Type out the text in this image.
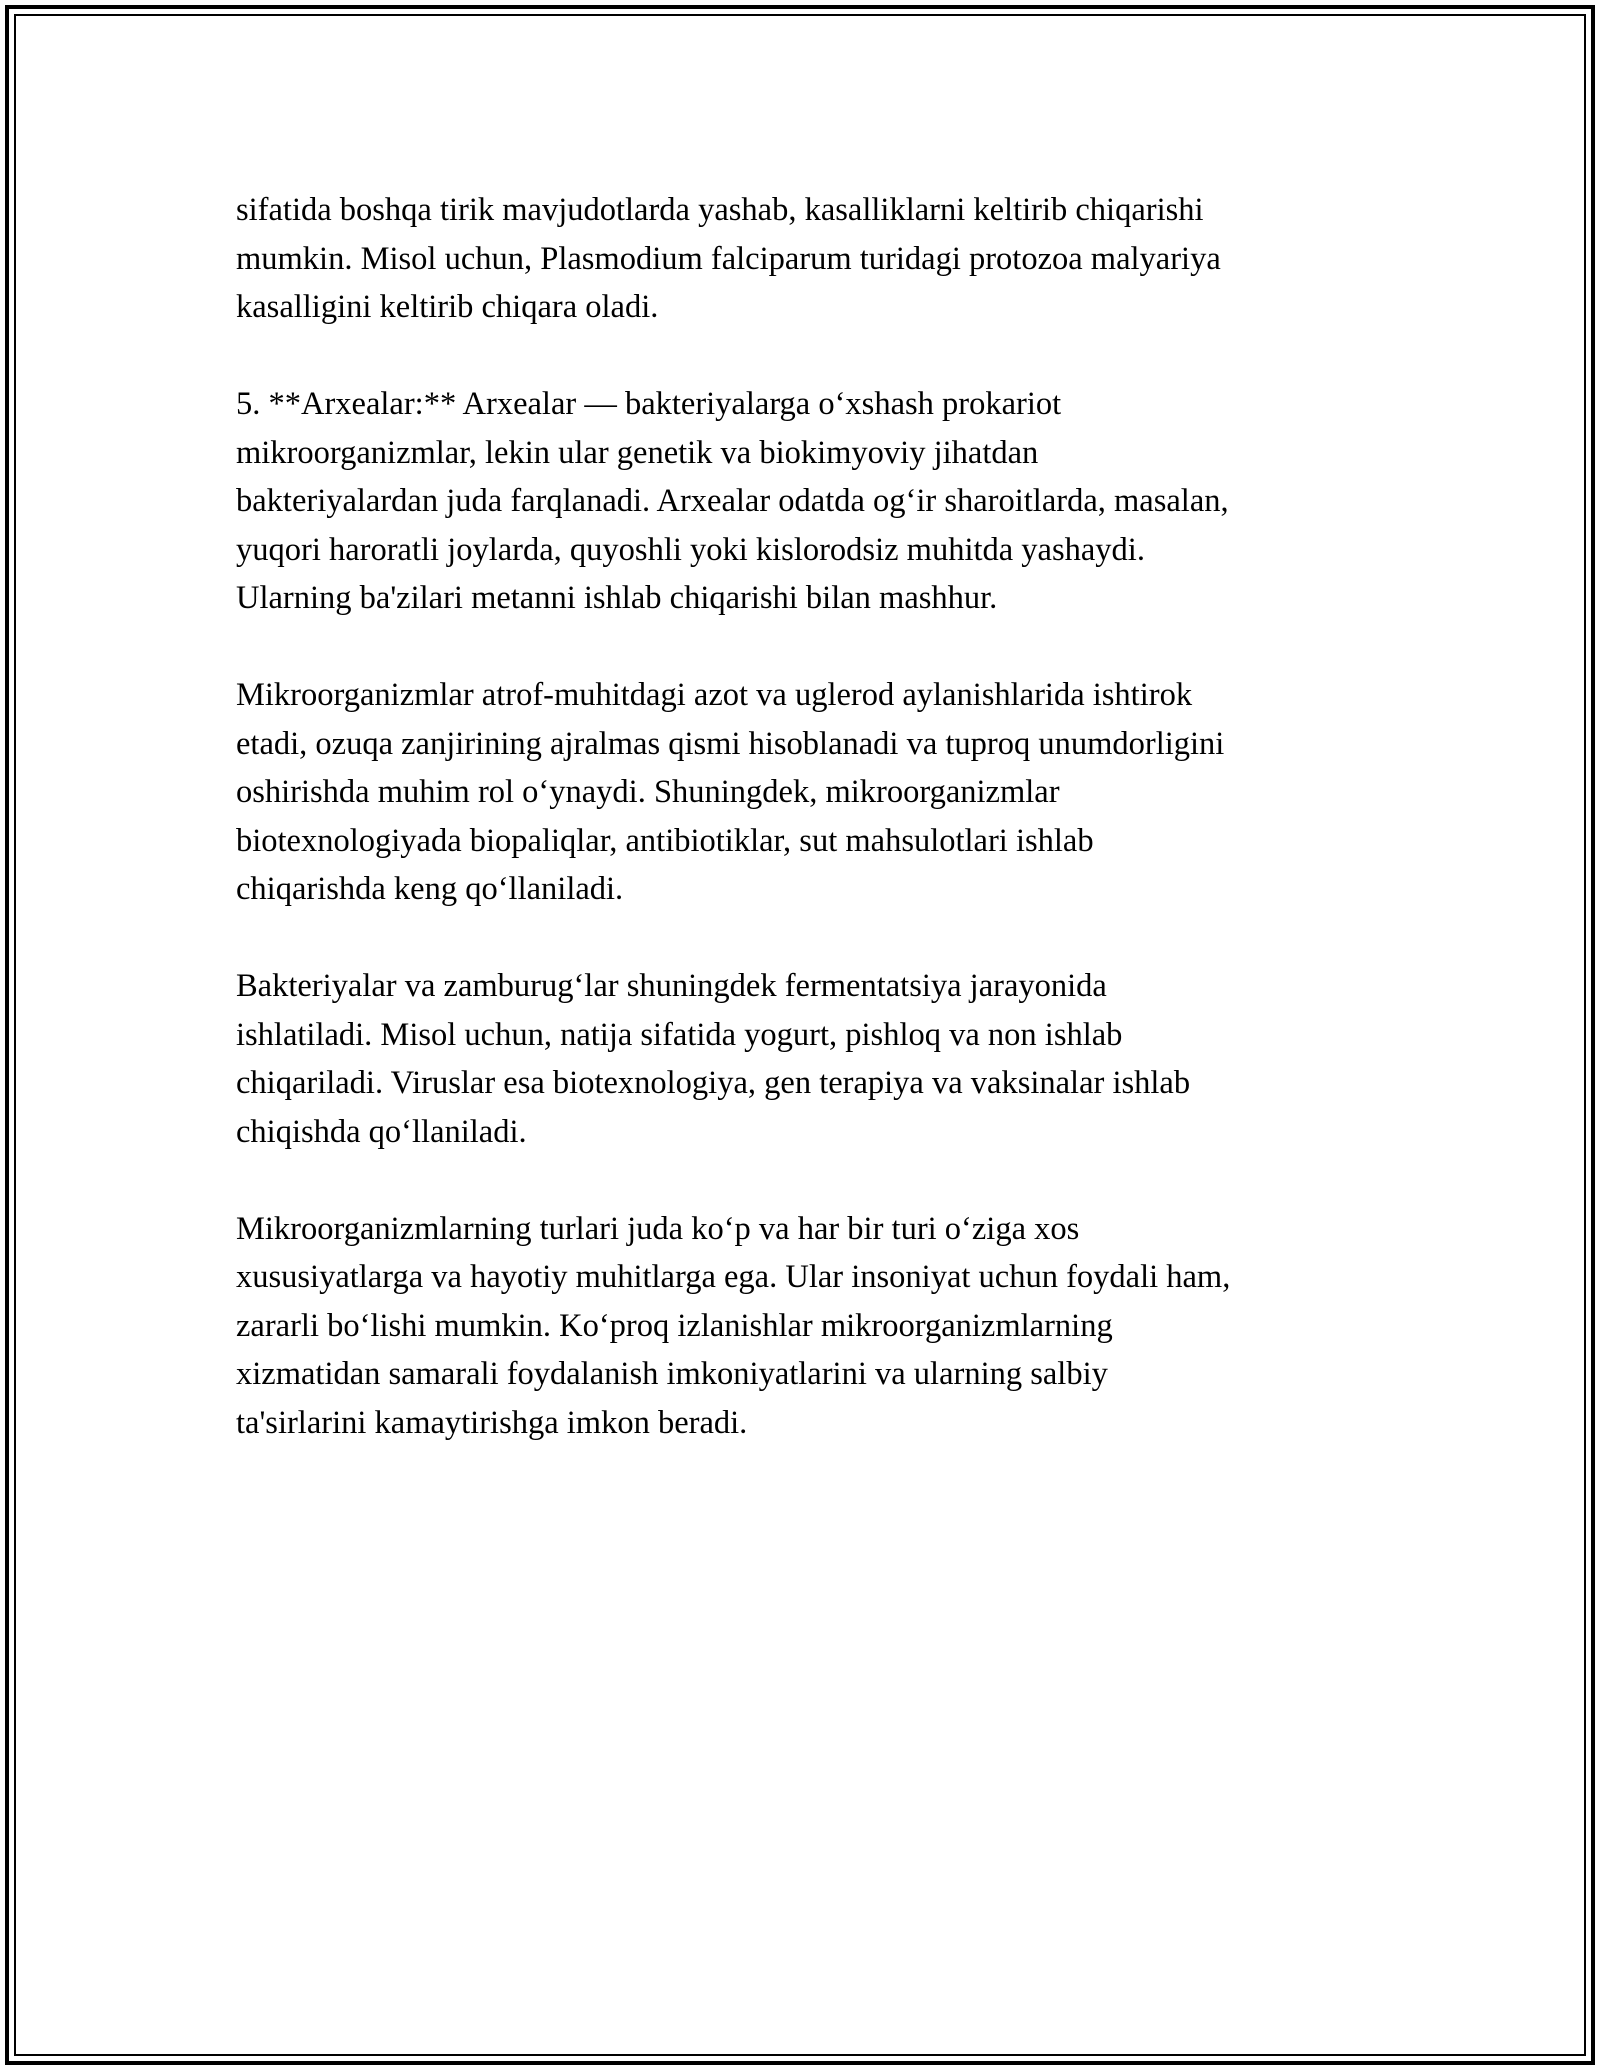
sifatida boshqa tirik mavjudotlarda yashab, kasalliklarni keltirib chiqarishi
mumkin. Misol uchun, Plasmodium falciparum turidagi protozoa malyariya
kasalligini keltirib chiqara oladi.

5. **Arxealar:** Arxealar — bakteriyalarga o‘xshash prokariot
mikroorganizmlar, lekin ular genetik va biokimyoviy jihatdan
bakteriyalardan juda farqlanadi. Arxealar odatda og‘ir sharoitlarda, masalan,
yuqori haroratli joylarda, quyoshli yoki kislorodsiz muhitda yashaydi.
Ularning ba'zilari metanni ishlab chiqarishi bilan mashhur.

Mikroorganizmlar atrof-muhitdagi azot va uglerod aylanishlarida ishtirok
etadi, ozuqa zanjirining ajralmas qismi hisoblanadi va tuproq unumdorligini
oshirishda muhim rol o‘ynaydi. Shuningdek, mikroorganizmlar
biotexnologiyada biopaliqlar, antibiotiklar, sut mahsulotlari ishlab
chiqarishda keng qo‘llaniladi.

Bakteriyalar va zamburug‘lar shuningdek fermentatsiya jarayonida
ishlatiladi. Misol uchun, natija sifatida yogurt, pishloq va non ishlab
chiqariladi. Viruslar esa biotexnologiya, gen terapiya va vaksinalar ishlab
chiqishda qo‘llaniladi.

Mikroorganizmlarning turlari juda ko‘p va har bir turi o‘ziga xos
xususiyatlarga va hayotiy muhitlarga ega. Ular insoniyat uchun foydali ham,
zararli bo‘lishi mumkin. Ko‘proq izlanishlar mikroorganizmlarning
xizmatidan samarali foydalanish imkoniyatlarini va ularning salbiy
ta'sirlarini kamaytirishga imkon beradi.
